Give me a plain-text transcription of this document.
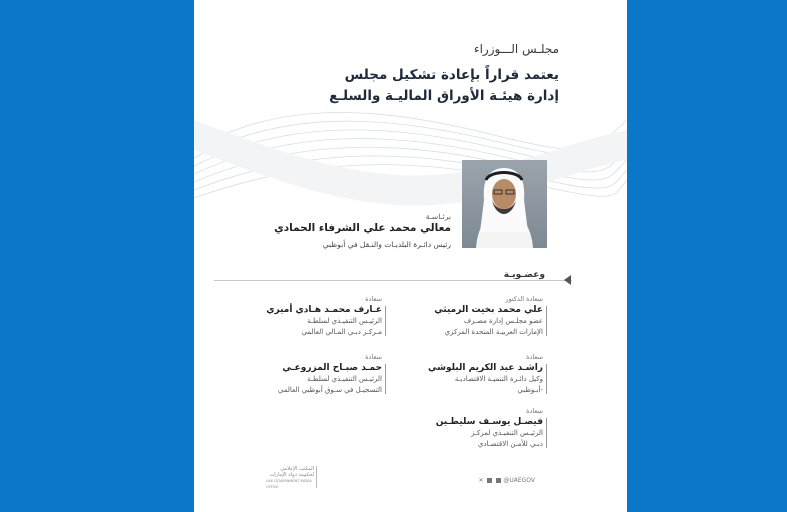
مجلـس الـــوزراء
يعتمد قراراً بإعادة تشكيل مجلس
إدارة هيئـة الأوراق الماليـة والسلـع
برئـاسـة
معالي محمد علي الشرفاء الحمادي
رئيس دائـرة البلديـات والنـقل في أبوظبي
وعضـويـة
سعادة الدكتور
علي محمد بخيت الرميثي
عضو مجلـس إدارة مصـرف
الإمارات العربيـة المتحدة المركزي
سعادة
راشـد عبد الكريم البلوشي
وكيل دائـرة التنميـة الاقتصاديـة
-أبـوظبي
سعادة
فيصـل يوسـف سليطـين
الرئيـس التنفيـذي لمركـز
دبـي للأمـن الاقتصـادي
سعادة
عـارف محمـد هـادي أميري
الرئيـس التنفيـذي لسلطـة
مـركـز دبـي المـالي العالمي
سعادة
حمـد صبـاح المزروعـي
الرئيـس التنفيـذي لسلطـة
التسجيـل في سـوق أبوظبي العالمي
المكتب الإعلامي
لحكومة دولة الإمارات
UAE GOVERNMENT MEDIA OFFICE
✕	@UAEGOV
